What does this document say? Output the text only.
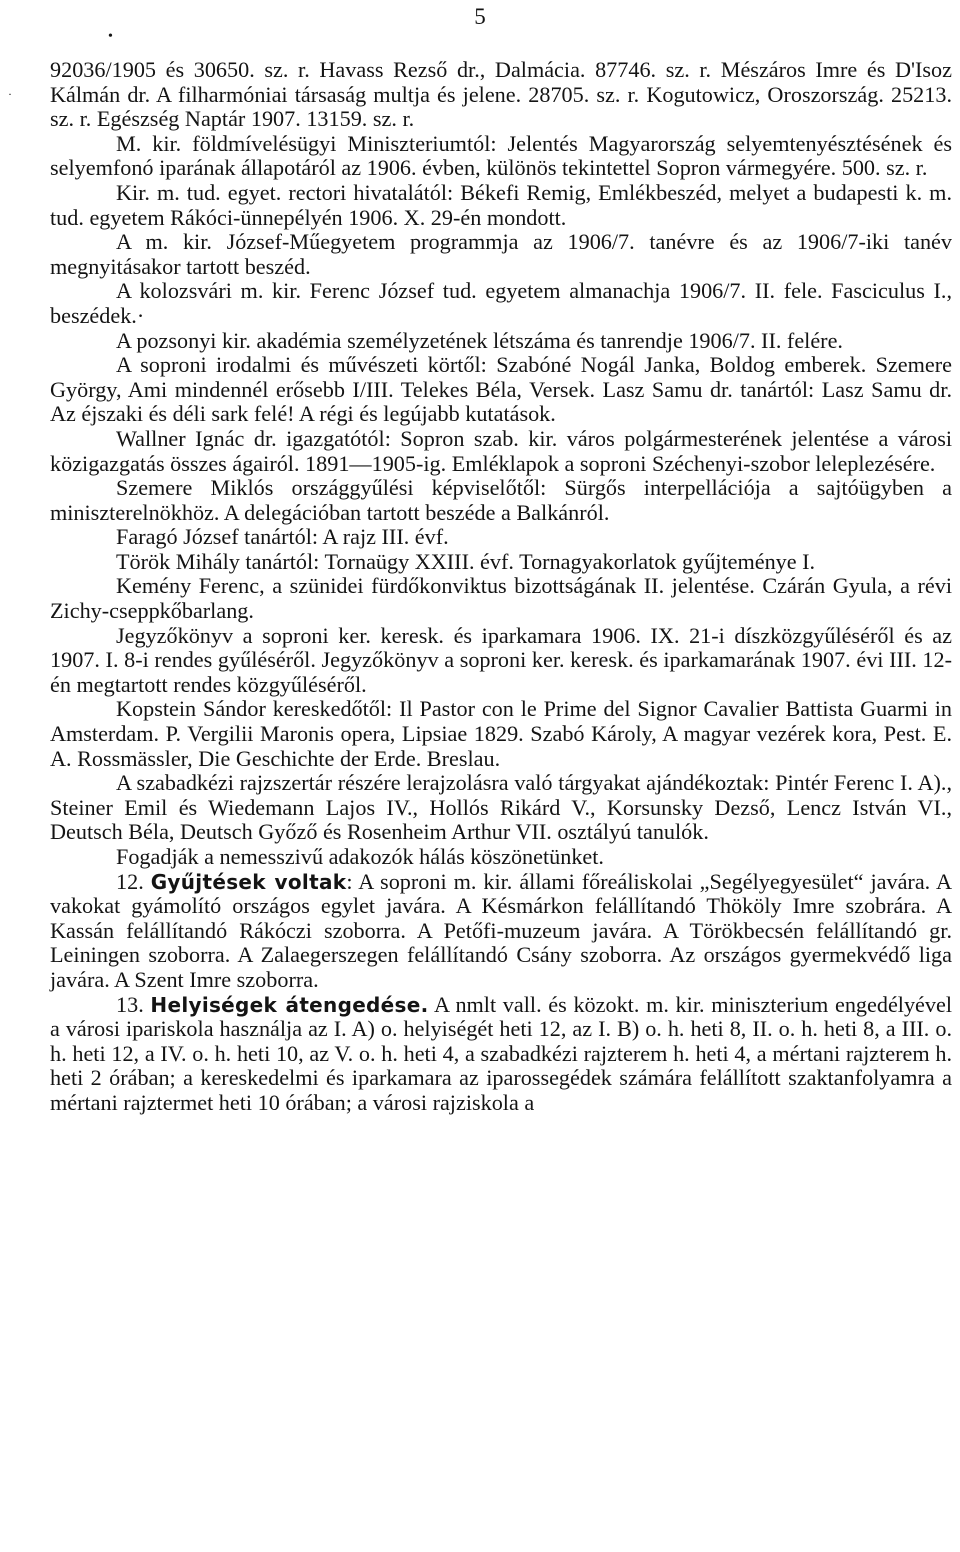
5
•
·

92036/1905 és 30650. sz. r. Havass Rezső dr., Dalmácia. 87746. sz. r. Mészáros Imre és D'Isoz Kálmán dr. A filharmóniai társaság multja és jelene. 28705. sz. r. Kogutowicz, Oroszország. 25213. sz. r. Egészség Naptár 1907. 13159. sz. r.

M. kir. földmívelésügyi Miniszteriumtól: Jelentés Magyarország selyemtenyésztésének és selyemfonó iparának állapotáról az 1906. évben, különös tekintettel Sopron vármegyére. 500. sz. r.

Kir. m. tud. egyet. rectori hivatalától: Békefi Remig, Emlékbeszéd, melyet a budapesti k. m. tud. egyetem Rákóci-ünnepélyén 1906. X. 29-én mondott.

A m. kir. József-Műegyetem programmja az 1906/7. tanévre és az 1906/7-iki tanév megnyitásakor tartott beszéd.

A kolozsvári m. kir. Ferenc József tud. egyetem almanachja 1906/7. II. fele. Fasciculus I., beszédek.·

A pozsonyi kir. akadémia személyzetének létszáma és tanrendje 1906/7. II. felére.

A soproni irodalmi és művészeti körtől: Szabóné Nogál Janka, Boldog emberek. Szemere György, Ami mindennél erősebb I/III. Telekes Béla, Versek. Lasz Samu dr. tanártól: Lasz Samu dr. Az éjszaki és déli sark felé! A régi és legújabb kutatások.

Wallner Ignác dr. igazgatótól: Sopron szab. kir. város polgármesterének jelentése a városi közigazgatás összes ágairól. 1891—1905-ig. Emléklapok a soproni Széchenyi-szobor leleplezésére.

Szemere Miklós országgyűlési képviselőtől: Sürgős interpellációja a sajtóügyben a miniszterelnökhöz. A delegációban tartott beszéde a Balkánról.

Faragó József tanártól: A rajz III. évf.

Török Mihály tanártól: Tornaügy XXIII. évf. Tornagyakorlatok gyűjteménye I.

Kemény Ferenc, a szünidei fürdőkonviktus bizottságának II. jelentése. Czárán Gyula, a révi Zichy-cseppkőbarlang.

Jegyzőkönyv a soproni ker. keresk. és iparkamara 1906. IX. 21-i díszközgyűléséről és az 1907. I. 8-i rendes gyűléséről. Jegyzőkönyv a soproni ker. keresk. és iparkamarának 1907. évi III. 12-én megtartott rendes közgyűléséről.

Kopstein Sándor kereskedőtől: Il Pastor con le Prime del Signor Cavalier Battista Guarmi in Amsterdam. P. Vergilii Maronis opera, Lipsiae 1829. Szabó Károly, A magyar vezérek kora, Pest. E. A. Rossmässler, Die Geschichte der Erde. Breslau.

A szabadkézi rajzszertár részére lerajzolásra való tárgyakat ajándékoztak: Pintér Ferenc I. A)., Steiner Emil és Wiedemann Lajos IV., Hollós Rikárd V., Korsunsky Dezső, Lencz István VI., Deutsch Béla, Deutsch Győző és Rosenheim Arthur VII. osztályú tanulók.

Fogadják a nemesszivű adakozók hálás köszönetünket.

12. Gyűjtések voltak: A soproni m. kir. állami főreáliskolai „Segélyegyesület“ javára. A vakokat gyámolító országos egylet javára. A Késmárkon felállítandó Thököly Imre szobrára. A Kassán felállítandó Rákóczi szoborra. A Petőfi-muzeum javára. A Törökbecsén felállítandó gr. Leiningen szoborra. A Zalaegerszegen felállítandó Csány szoborra. Az országos gyermekvédő liga javára. A Szent Imre szoborra.

13. Helyiségek átengedése. A nmlt vall. és közokt. m. kir. miniszterium engedélyével a városi ipariskola használja az I. A) o. helyiségét heti 12, az I. B) o. h. heti 8, II. o. h. heti 8, a III. o. h. heti 12, a IV. o. h. heti 10, az V. o. h. heti 4, a szabadkézi rajzterem h. heti 4, a mértani rajzterem h. heti 2 órában; a kereskedelmi és iparkamara az iparossegédek számára felállított szaktanfolyamra a mértani rajztermet heti 10 órában; a városi rajziskola a
